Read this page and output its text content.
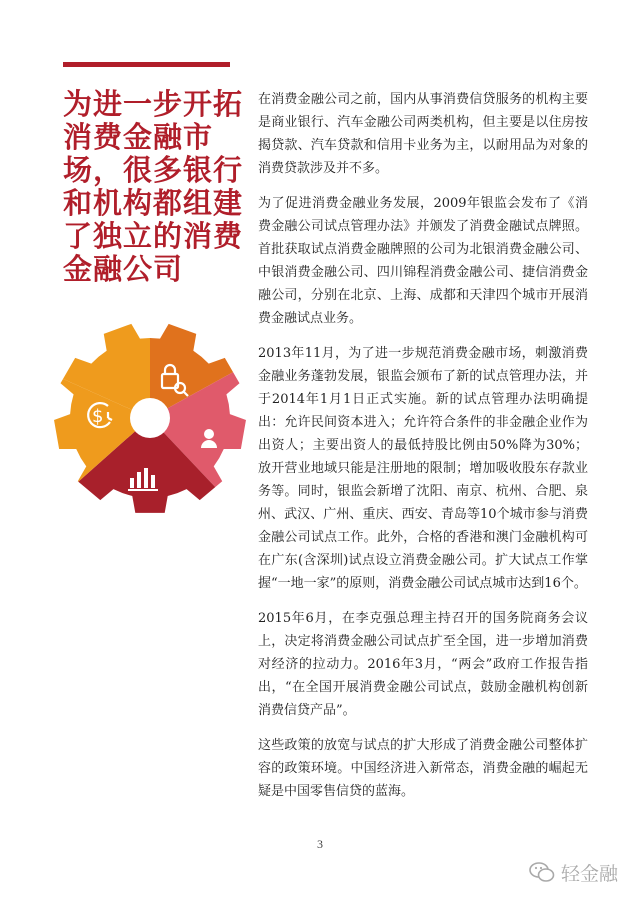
为进一步开拓消费金融市场，很多银行和机构都组建了独立的消费金融公司
$

在消费金融公司之前，国内从事消费信贷服务的机构主要是商业银行、汽车金融公司两类机构，但主要是以住房按揭贷款、汽车贷款和信用卡业务为主，以耐用品为对象的消费贷款涉及并不多。

为了促进消费金融业务发展，2009年银监会发布了《消费金融公司试点管理办法》并颁发了消费金融试点牌照。首批获取试点消费金融牌照的公司为北银消费金融公司、中银消费金融公司、四川锦程消费金融公司、捷信消费金融公司，分别在北京、上海、成都和天津四个城市开展消费金融试点业务。

2013年11月，为了进一步规范消费金融市场，刺激消费金融业务蓬勃发展，银监会颁布了新的试点管理办法，并于2014年1月1日正式实施。新的试点管理办法明确提出：允许民间资本进入；允许符合条件的非金融企业作为出资人；主要出资人的最低持股比例由50%降为30%；放开营业地域只能是注册地的限制；增加吸收股东存款业务等。同时，银监会新增了沈阳、南京、杭州、合肥、泉州、武汉、广州、重庆、西安、青岛等10个城市参与消费金融公司试点工作。此外，合格的香港和澳门金融机构可在广东(含深圳)试点设立消费金融公司。扩大试点工作掌握“一地一家”的原则，消费金融公司试点城市达到16个。

2015年6月，在李克强总理主持召开的国务院商务会议上，决定将消费金融公司试点扩至全国，进一步增加消费对经济的拉动力。2016年3月，“两会”政府工作报告指出，“在全国开展消费金融公司试点，鼓励金融机构创新消费信贷产品”。

这些政策的放宽与试点的扩大形成了消费金融公司整体扩容的政策环境。中国经济进入新常态，消费金融的崛起无疑是中国零售信贷的蓝海。

3
轻金融
